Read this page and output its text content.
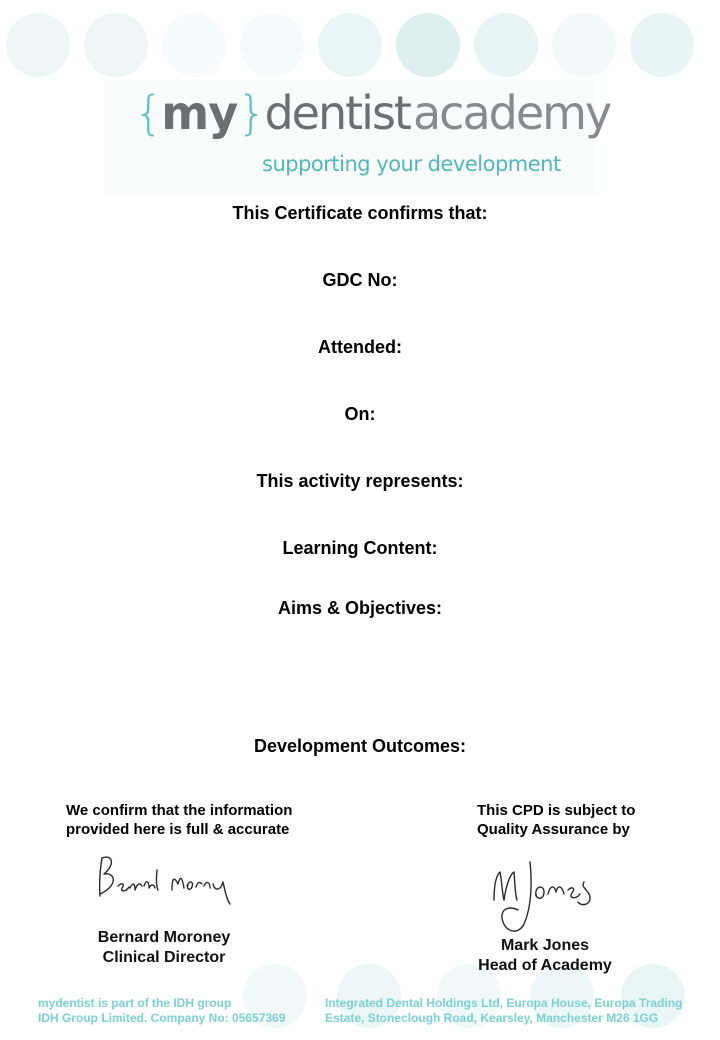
{my}dentistacademy
supporting your development
This Certificate confirms that:
GDC No:
Attended:
On:
This activity represents:
Learning Content:
Aims & Objectives:
Development Outcomes:
We confirm that the information
provided here is full & accurate
This CPD is subject to
Quality Assurance by
Bernard Moroney
Clinical Director
Mark Jones
Head of Academy
mydentist is part of the IDH group
IDH Group Limited. Company No: 05657369
Integrated Dental Holdings Ltd, Europa House, Europa Trading
Estate, Stoneclough Road, Kearsley, Manchester M26 1GG
